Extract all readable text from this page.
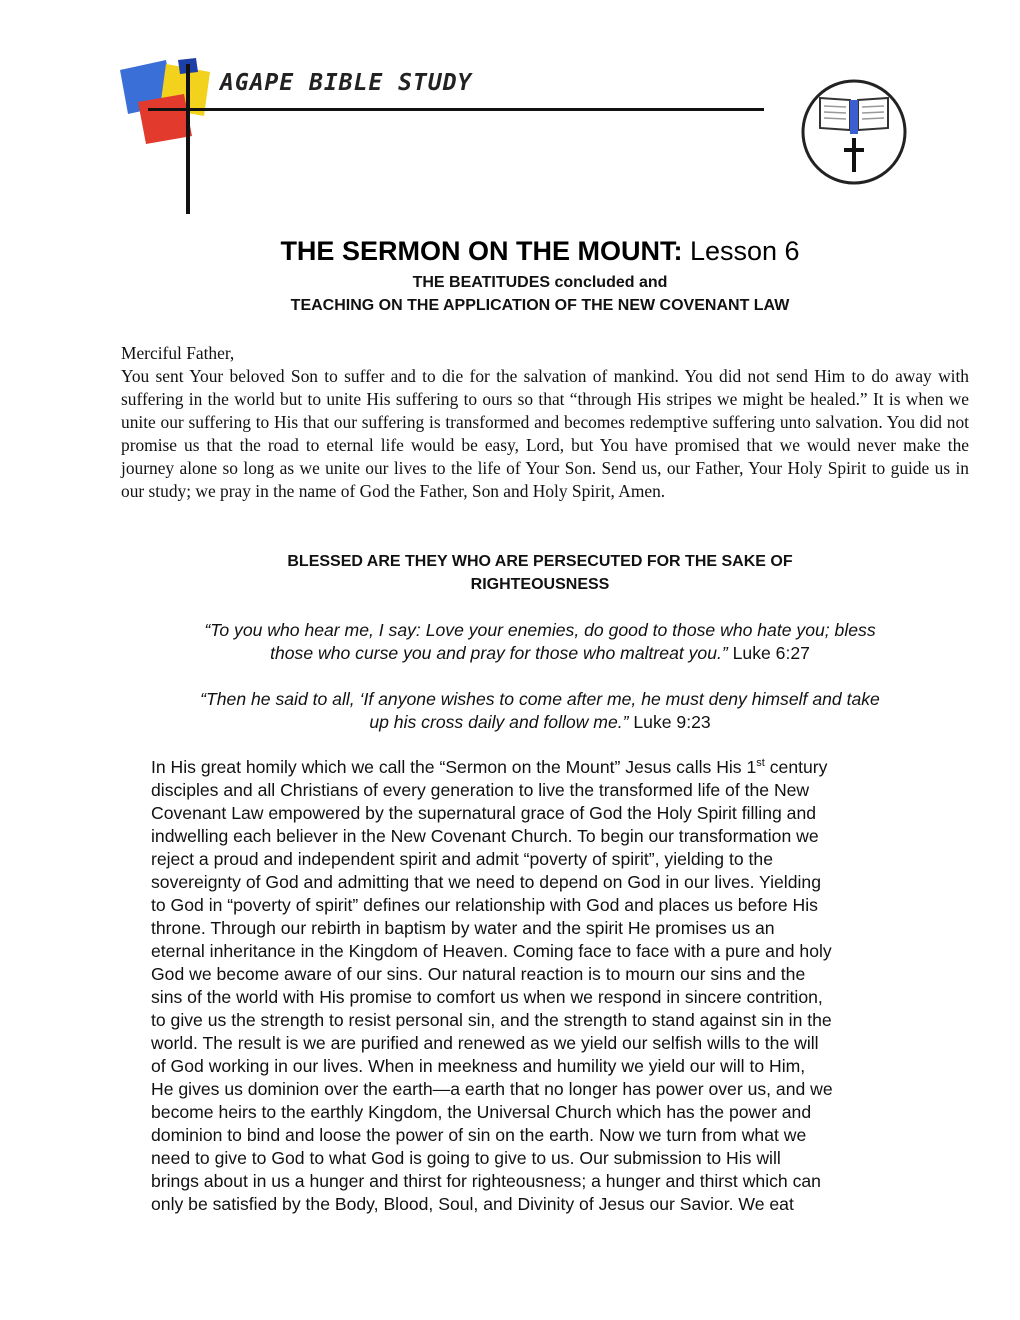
AGAPE BIBLE STUDY
THE SERMON ON THE MOUNT: Lesson 6
THE BEATITUDES concluded and
TEACHING ON THE APPLICATION OF THE NEW COVENANT LAW

Merciful Father,

You sent Your beloved Son to suffer and to die for the salvation of mankind. You did not send Him to do away with suffering in the world but to unite His suffering to ours so that “through His stripes we might be healed.” It is when we unite our suffering to His that our suffering is transformed and becomes redemptive suffering unto salvation. You did not promise us that the road to eternal life would be easy, Lord, but You have promised that we would never make the journey alone so long as we unite our lives to the life of Your Son. Send us, our Father, Your Holy Spirit to guide us in our study; we pray in the name of God the Father, Son and Holy Spirit, Amen.

BLESSED ARE THEY WHO ARE PERSECUTED FOR THE SAKE OF
RIGHTEOUSNESS
“To you who hear me, I say: Love your enemies, do good to those who hate you; bless
those who curse you and pray for those who maltreat you.” Luke 6:27
“Then he said to all, ‘If anyone wishes to come after me, he must deny himself and take
up his cross daily and follow me.” Luke 9:23
In His great homily which we call the “Sermon on the Mount” Jesus calls His 1st century
disciples and all Christians of every generation to live the transformed life of the New
Covenant Law empowered by the supernatural grace of God the Holy Spirit filling and
indwelling each believer in the New Covenant Church. To begin our transformation we
reject a proud and independent spirit and admit “poverty of spirit”, yielding to the
sovereignty of God and admitting that we need to depend on God in our lives. Yielding
to God in “poverty of spirit” defines our relationship with God and places us before His
throne. Through our rebirth in baptism by water and the spirit He promises us an
eternal inheritance in the Kingdom of Heaven. Coming face to face with a pure and holy
God we become aware of our sins. Our natural reaction is to mourn our sins and the
sins of the world with His promise to comfort us when we respond in sincere contrition,
to give us the strength to resist personal sin, and the strength to stand against sin in the
world. The result is we are purified and renewed as we yield our selfish wills to the will
of God working in our lives. When in meekness and humility we yield our will to Him,
He gives us dominion over the earth—a earth that no longer has power over us, and we
become heirs to the earthly Kingdom, the Universal Church which has the power and
dominion to bind and loose the power of sin on the earth. Now we turn from what we
need to give to God to what God is going to give to us. Our submission to His will
brings about in us a hunger and thirst for righteousness; a hunger and thirst which can
only be satisfied by the Body, Blood, Soul, and Divinity of Jesus our Savior. We eat
